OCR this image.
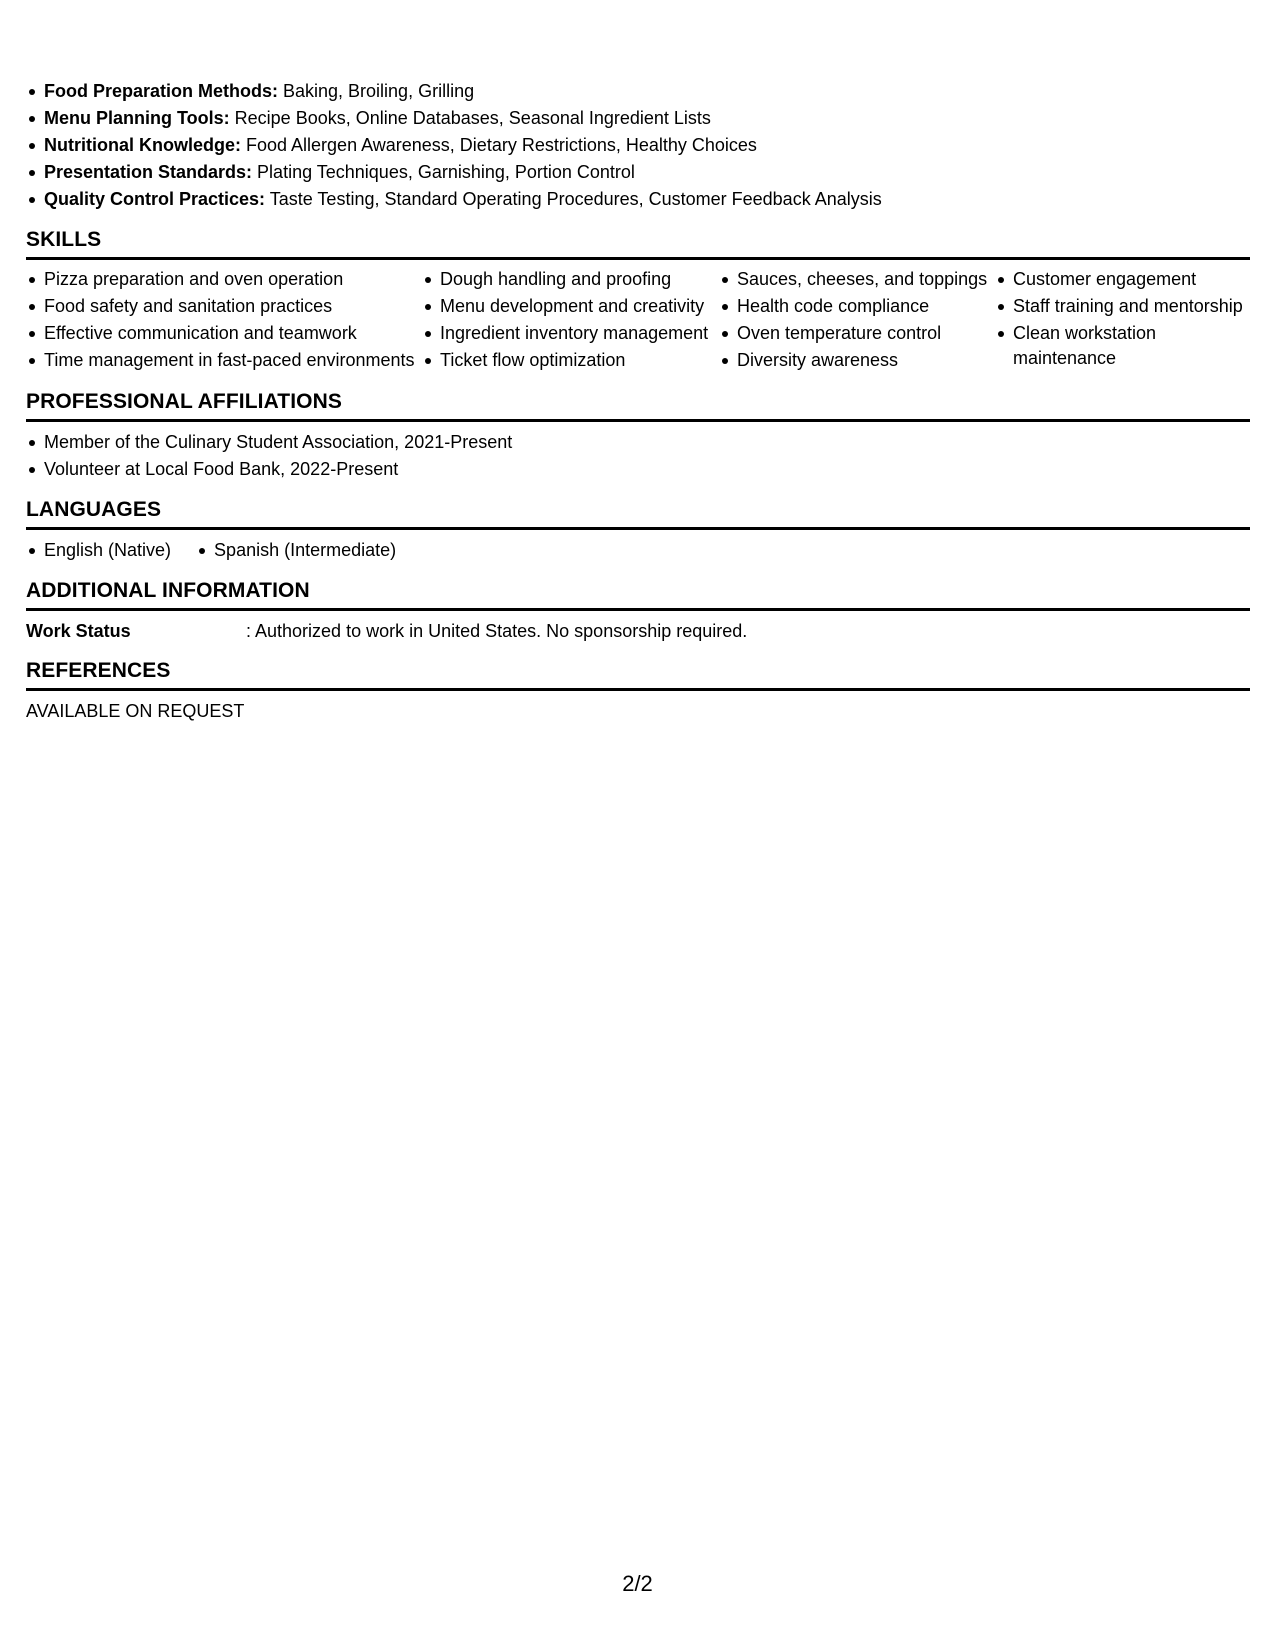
Food Preparation Methods: Baking, Broiling, Grilling
Menu Planning Tools: Recipe Books, Online Databases, Seasonal Ingredient Lists
Nutritional Knowledge: Food Allergen Awareness, Dietary Restrictions, Healthy Choices
Presentation Standards: Plating Techniques, Garnishing, Portion Control
Quality Control Practices: Taste Testing, Standard Operating Procedures, Customer Feedback Analysis
SKILLS
Pizza preparation and oven operation
Food safety and sanitation practices
Effective communication and teamwork
Time management in fast-paced environments
Dough handling and proofing
Menu development and creativity
Ingredient inventory management
Ticket flow optimization
Sauces, cheeses, and toppings
Health code compliance
Oven temperature control
Diversity awareness
Customer engagement
Staff training and mentorship
Clean workstation maintenance
PROFESSIONAL AFFILIATIONS
Member of the Culinary Student Association, 2021-Present
Volunteer at Local Food Bank, 2022-Present
LANGUAGES
English (Native)	Spanish (Intermediate)
ADDITIONAL INFORMATION
Work Status	: Authorized to work in United States. No sponsorship required.
REFERENCES
AVAILABLE ON REQUEST
2/2
